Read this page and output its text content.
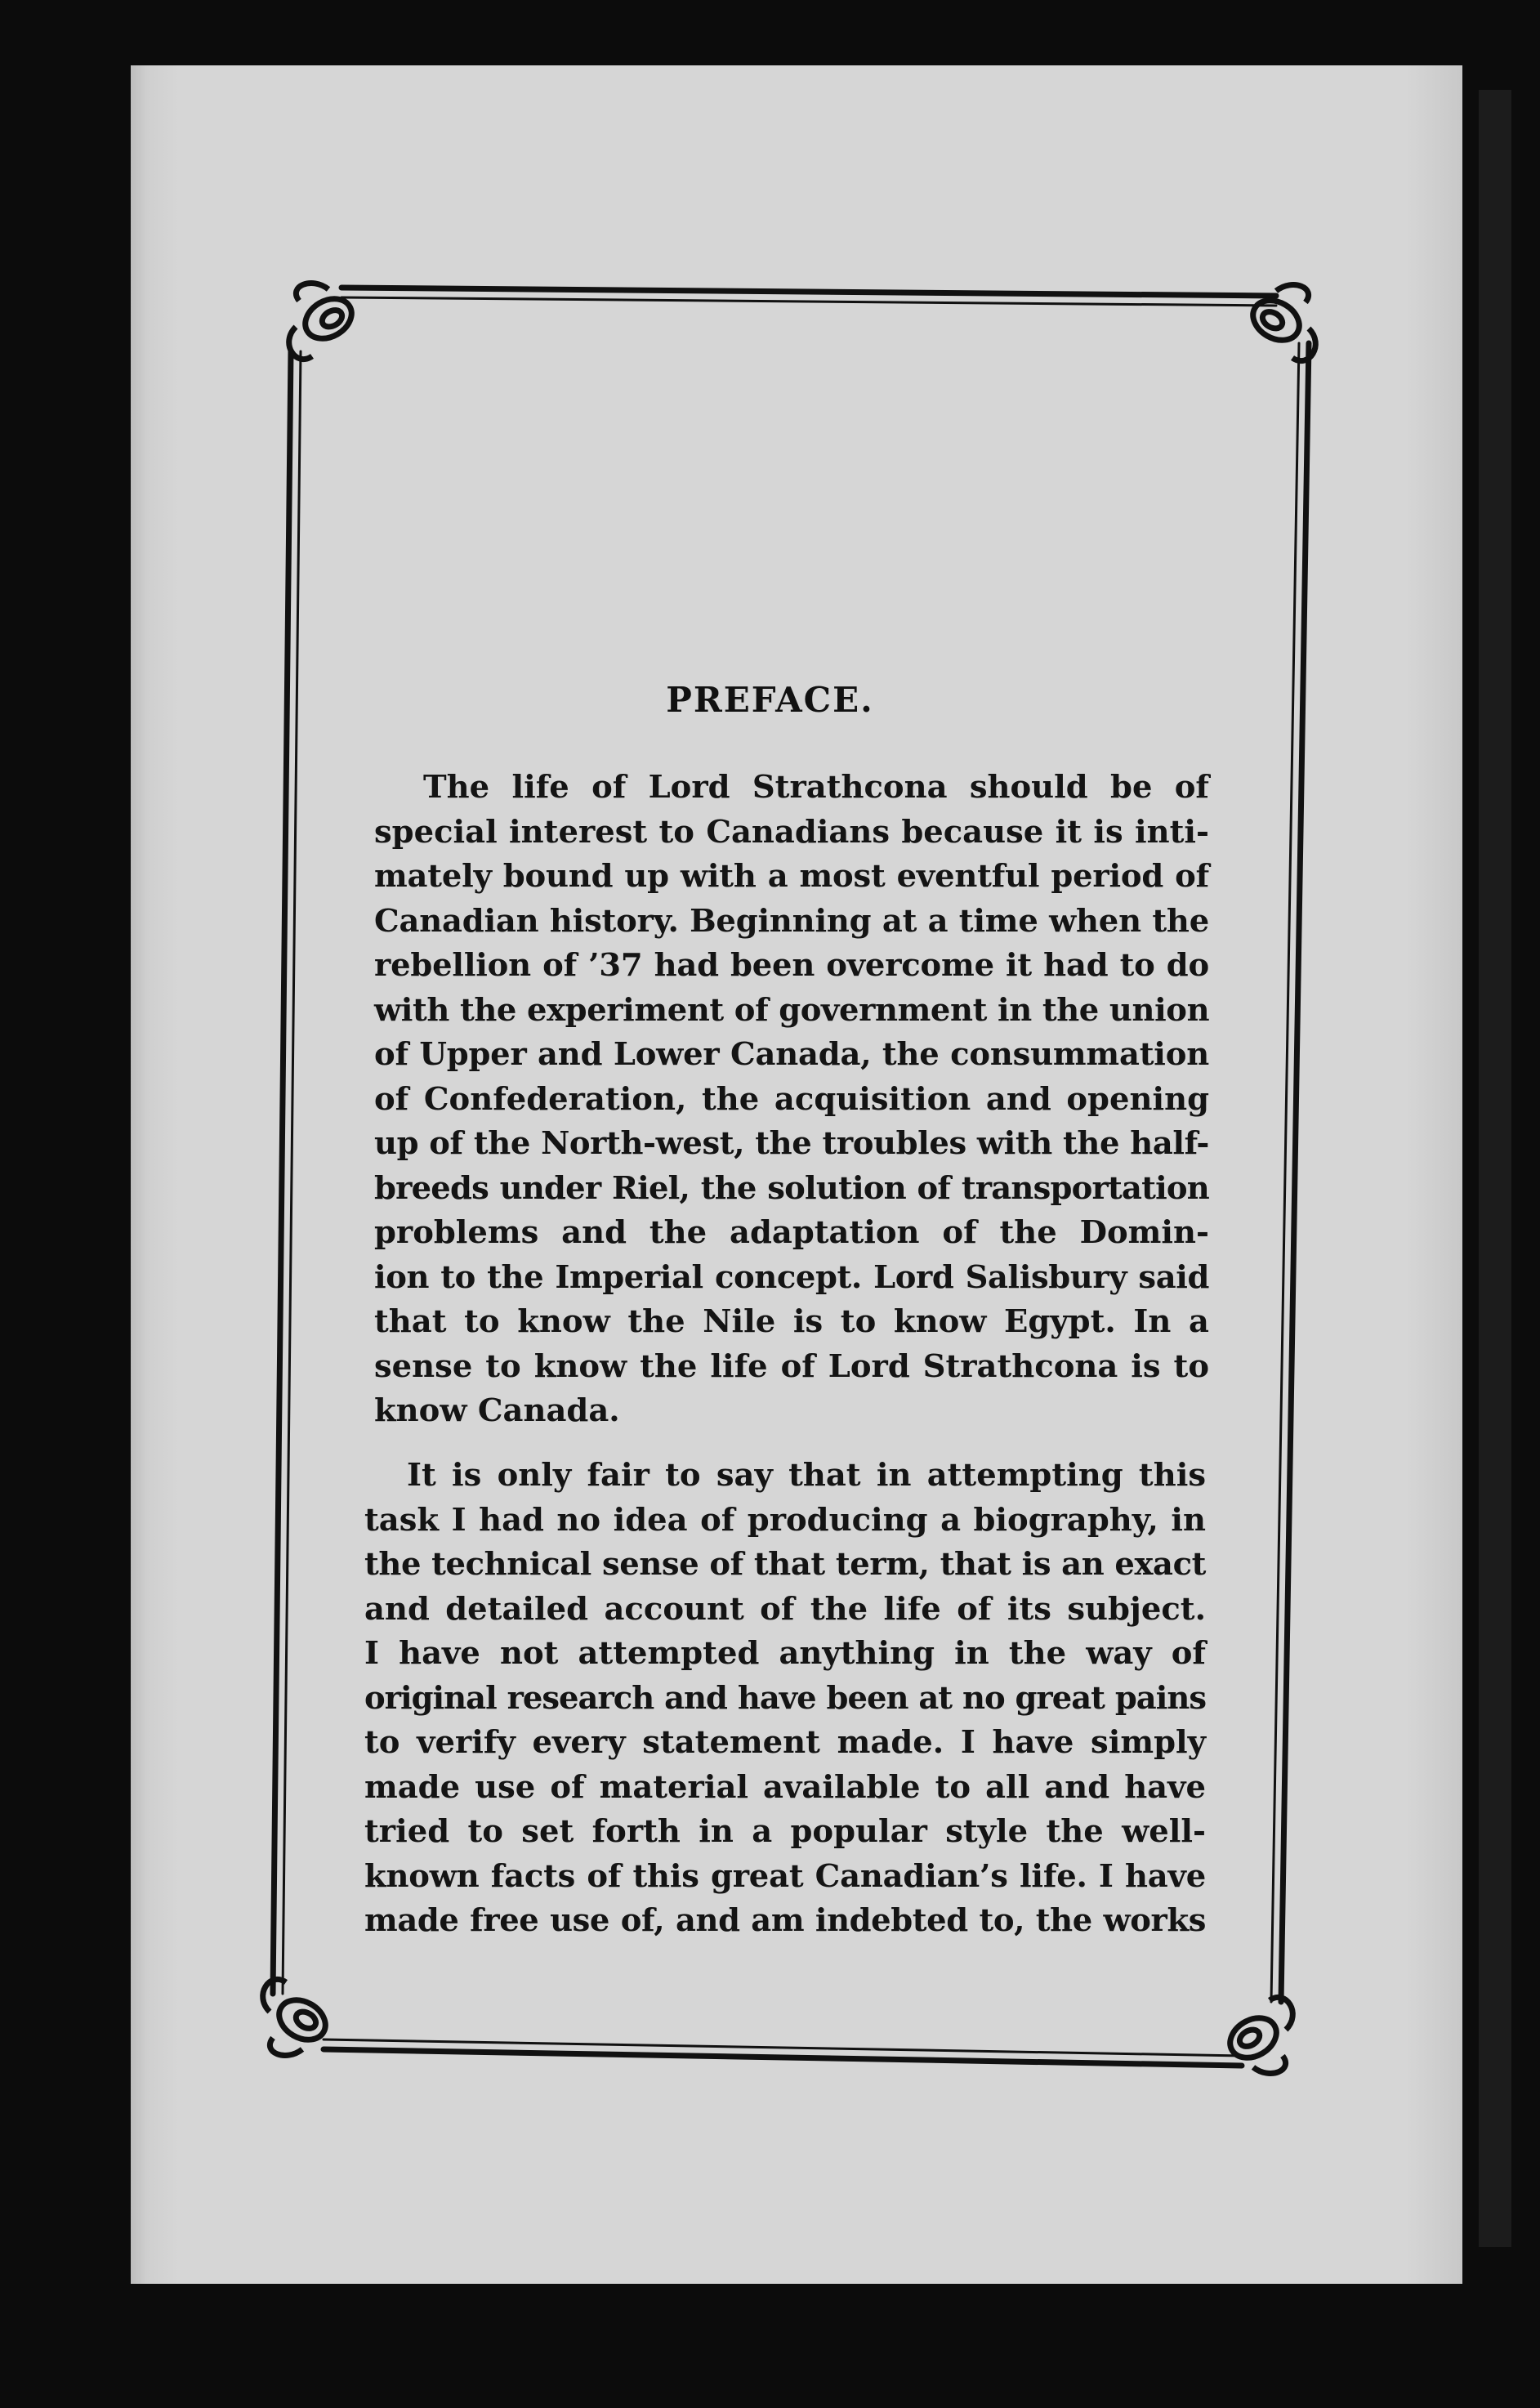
PREFACE.
The life of Lord Strathcona should be of
special interest to Canadians because it is inti-
mately bound up with a most eventful period of
Canadian history. Beginning at a time when the
rebellion of ’37 had been overcome it had to do
with the experiment of government in the union
of Upper and Lower Canada, the consummation
of Confederation, the acquisition and opening
up of the North-west, the troubles with the half-
breeds under Riel, the solution of transportation
problems and the adaptation of the Domin-
ion to the Imperial concept. Lord Salisbury said
that to know the Nile is to know Egypt. In a
sense to know the life of Lord Strathcona is to
know Canada.
It is only fair to say that in attempting this
task I had no idea of producing a biography, in
the technical sense of that term, that is an exact
and detailed account of the life of its subject.
I have not attempted anything in the way of
original research and have been at no great pains
to verify every statement made. I have simply
made use of material available to all and have
tried to set forth in a popular style the well-
known facts of this great Canadian’s life. I have
made free use of, and am indebted to, the works
